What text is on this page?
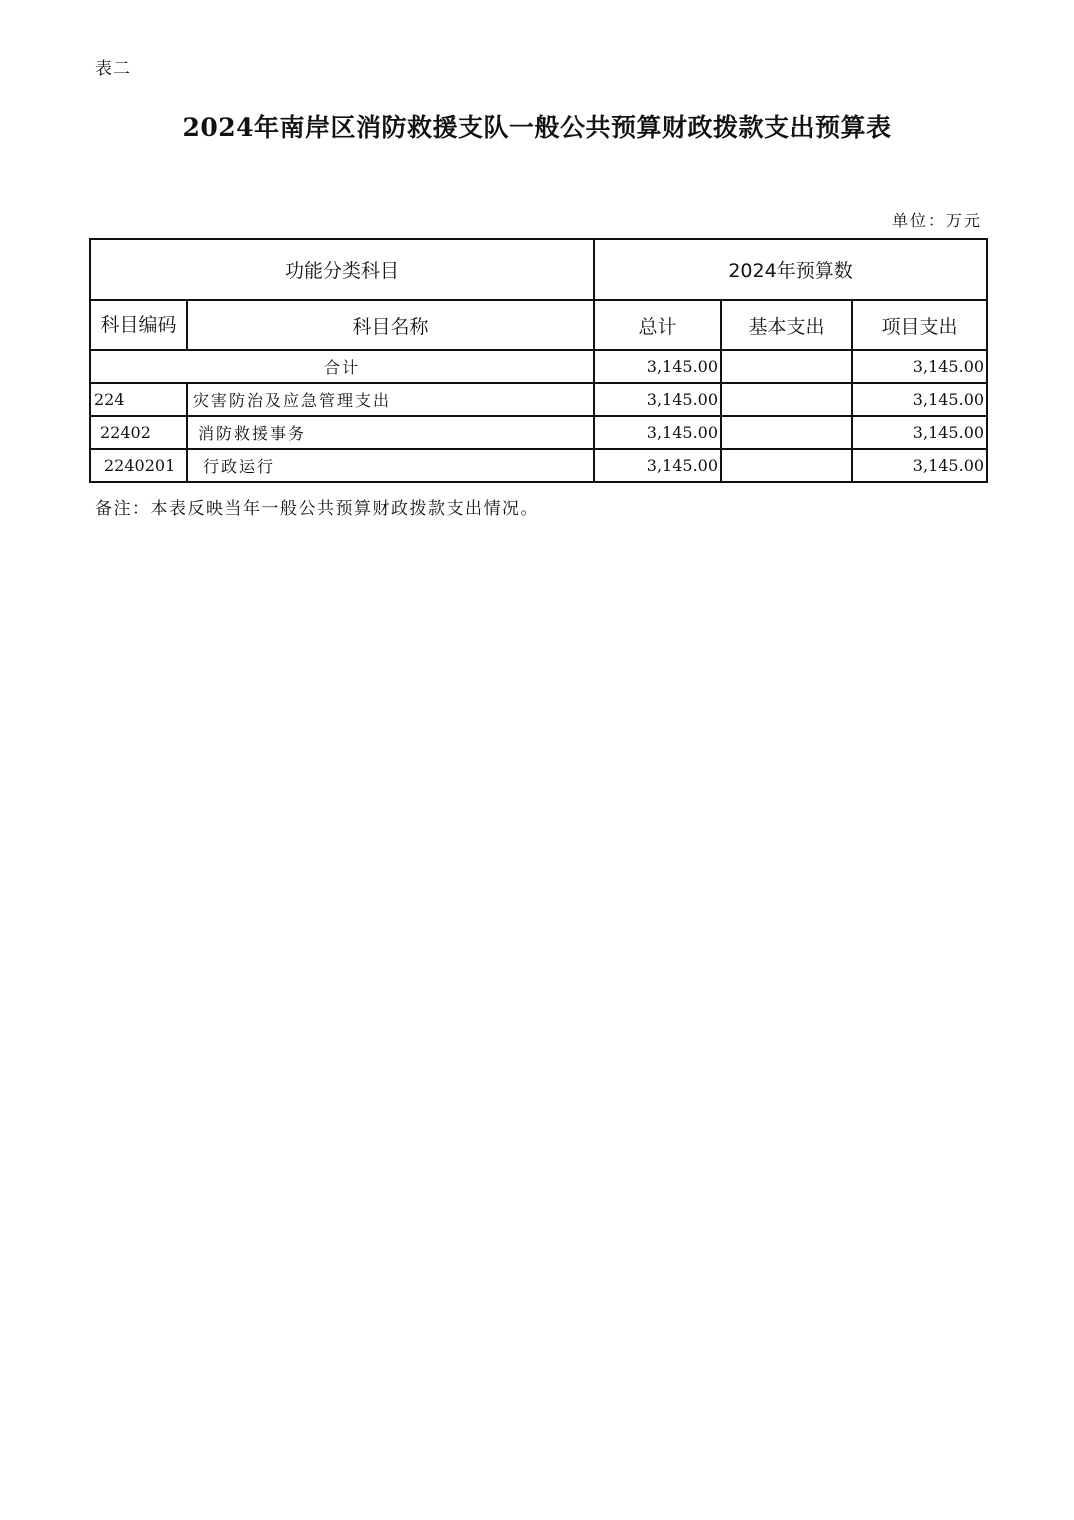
表二
2024年南岸区消防救援支队一般公共预算财政拨款支出预算表
单位：万元
功能分类科目		2024年预算数		
科目编码	科目名称	总计	基本支出	项目支出
合计		3,145.00		3,145.00
224	灾害防治及应急管理支出	3,145.00		3,145.00
22402	消防救援事务	3,145.00		3,145.00
2240201	行政运行	3,145.00		3,145.00
备注：本表反映当年一般公共预算财政拨款支出情况。
